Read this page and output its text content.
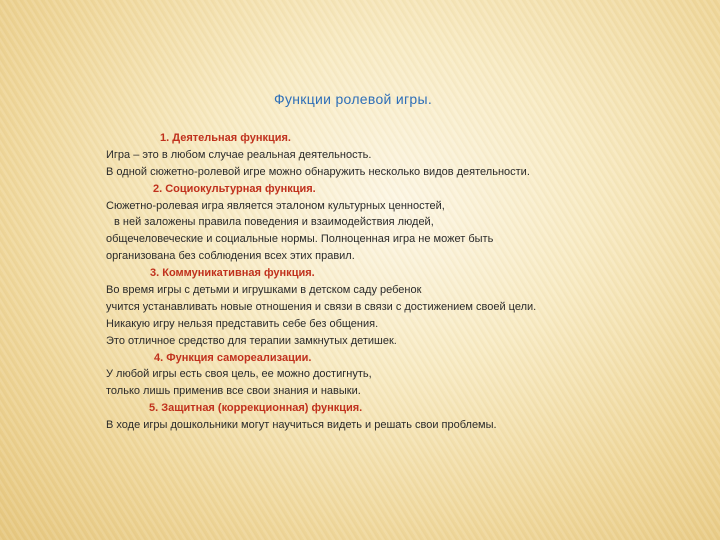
Функции ролевой игры.
1. Деятельная функция.
Игра – это в любом случае реальная деятельность.
В одной сюжетно-ролевой игре можно обнаружить несколько видов деятельности.
2. Социокультурная функция.
Сюжетно-ролевая игра является эталоном культурных ценностей,
в ней заложены правила поведения и взаимодействия людей,
общечеловеческие и социальные нормы. Полноценная игра не может быть
организована без соблюдения всех этих правил.
3. Коммуникативная функция.
Во время игры с детьми и игрушками в детском саду ребенок
учится устанавливать новые отношения и связи в связи с достижением своей цели.
Никакую игру нельзя представить себе без общения.
Это отличное средство для терапии замкнутых детишек.
4. Функция самореализации.
У любой игры есть своя цель, ее можно достигнуть,
только лишь применив все свои знания и навыки.
5. Защитная (коррекционная) функция.
В ходе игры дошкольники могут научиться видеть и решать свои проблемы.
